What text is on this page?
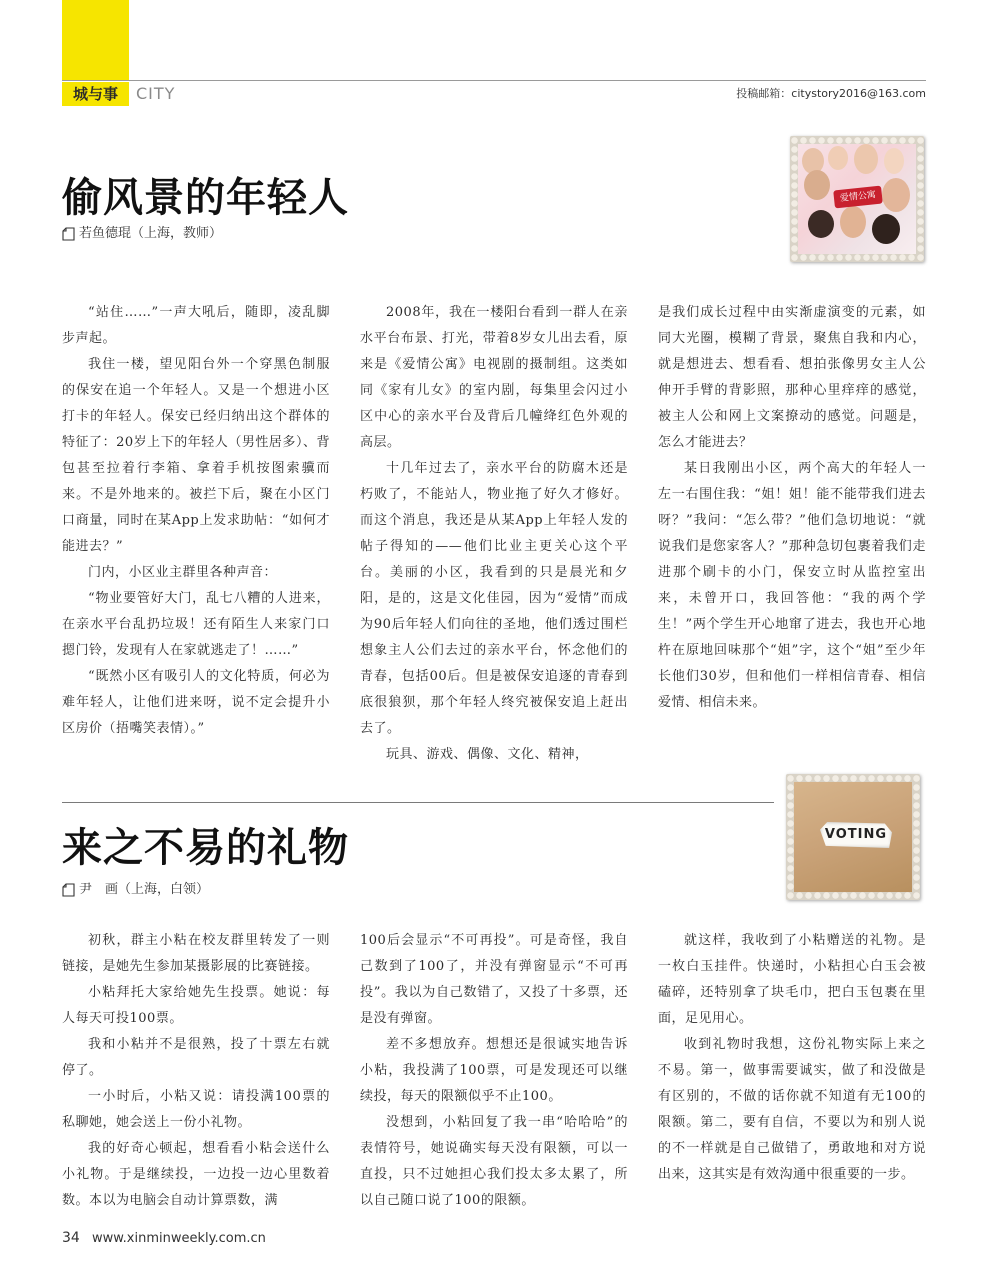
城与事	CITY	投稿邮箱：citystory2016@163.com
爱情公寓
偷风景的年轻人
若鱼德琨（上海，教师）

“站住……”一声大吼后，随即，凌乱脚步声起。

我住一楼，望见阳台外一个穿黑色制服的保安在追一个年轻人。又是一个想进小区打卡的年轻人。保安已经归纳出这个群体的特征了：20岁上下的年轻人（男性居多）、背包甚至拉着行李箱、拿着手机按图索骥而来。不是外地来的。被拦下后，聚在小区门口商量，同时在某App上发求助帖：“如何才能进去？”

门内，小区业主群里各种声音：

“物业要管好大门，乱七八糟的人进来，在亲水平台乱扔垃圾！还有陌生人来家门口摁门铃，发现有人在家就逃走了！……”

“既然小区有吸引人的文化特质，何必为难年轻人，让他们进来呀，说不定会提升小区房价（捂嘴笑表情）。”

2008年，我在一楼阳台看到一群人在亲水平台布景、打光，带着8岁女儿出去看，原来是《爱情公寓》电视剧的摄制组。这类如同《家有儿女》的室内剧，每集里会闪过小区中心的亲水平台及背后几幢绛红色外观的高层。

十几年过去了，亲水平台的防腐木还是朽败了，不能站人，物业拖了好久才修好。而这个消息，我还是从某App上年轻人发的帖子得知的——他们比业主更关心这个平台。美丽的小区，我看到的只是晨光和夕阳，是的，这是文化佳园，因为“爱情”而成为90后年轻人们向往的圣地，他们透过围栏想象主人公们去过的亲水平台，怀念他们的青春，包括00后。但是被保安追逐的青春到底很狼狈，那个年轻人终究被保安追上赶出去了。

玩具、游戏、偶像、文化、精神，

是我们成长过程中由实渐虚演变的元素，如同大光圈，模糊了背景，聚焦自我和内心，就是想进去、想看看、想拍张像男女主人公伸开手臂的背影照，那种心里痒痒的感觉，被主人公和网上文案撩动的感觉。问题是，怎么才能进去？

某日我刚出小区，两个高大的年轻人一左一右围住我：“姐！姐！能不能带我们进去呀？”我问：“怎么带？”他们急切地说：“就说我们是您家客人？”那种急切包裹着我们走进那个刷卡的小门，保安立时从监控室出来，未曾开口，我回答他：“我的两个学生！”两个学生开心地窜了进去，我也开心地杵在原地回味那个“姐”字，这个“姐”至少年长他们30岁，但和他们一样相信青春、相信爱情、相信未来。

VOTING
来之不易的礼物
尹　画（上海，白领）

初秋，群主小粘在校友群里转发了一则链接，是她先生参加某摄影展的比赛链接。

小粘拜托大家给她先生投票。她说：每人每天可投100票。

我和小粘并不是很熟，投了十票左右就停了。

一小时后，小粘又说：请投满100票的私聊她，她会送上一份小礼物。

我的好奇心顿起，想看看小粘会送什么小礼物。于是继续投，一边投一边心里数着数。本以为电脑会自动计算票数，满

100后会显示“不可再投”。可是奇怪，我自己数到了100了，并没有弹窗显示“不可再投”。我以为自己数错了，又投了十多票，还是没有弹窗。

差不多想放弃。想想还是很诚实地告诉小粘，我投满了100票，可是发现还可以继续投，每天的限额似乎不止100。

没想到，小粘回复了我一串“哈哈哈”的表情符号，她说确实每天没有限额，可以一直投，只不过她担心我们投太多太累了，所以自己随口说了100的限额。

就这样，我收到了小粘赠送的礼物。是一枚白玉挂件。快递时，小粘担心白玉会被磕碎，还特别拿了块毛巾，把白玉包裹在里面，足见用心。

收到礼物时我想，这份礼物实际上来之不易。第一，做事需要诚实，做了和没做是有区别的，不做的话你就不知道有无100的限额。第二，要有自信，不要以为和别人说的不一样就是自己做错了，勇敢地和对方说出来，这其实是有效沟通中很重要的一步。

34 www.xinminweekly.com.cn
